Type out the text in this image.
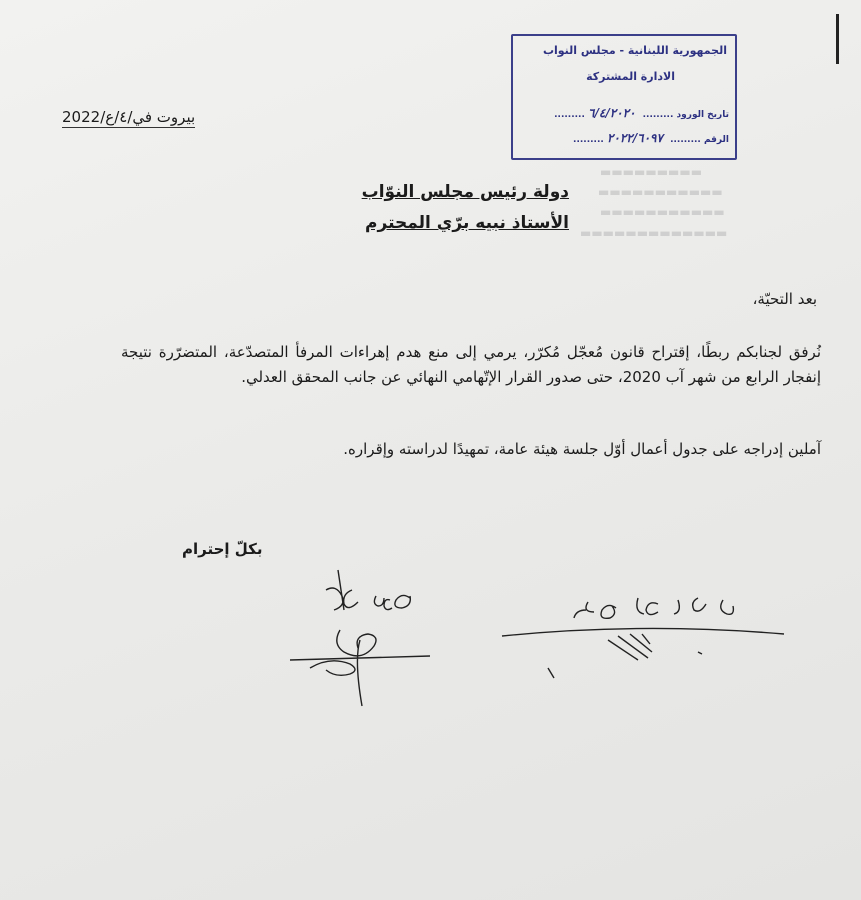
▬▬▬▬▬▬▬▬▬
▬▬▬▬▬▬▬▬▬▬▬
▬▬▬▬▬▬▬▬▬▬▬
▬▬▬▬▬▬▬▬▬▬▬▬▬
الجمهورية اللبنانية - مجلس النواب
الادارة المشتركة
تاريخ الورود ......... ٦/٤/٢٠٢٠ .........
الرقم ......... ٢٠٢٢/٦٠٩٧ .........
بيروت في/٤/ع/2022
دولة رئيس مجلس النوّاب
الأستاذ نبيه برّي المحترم
بعد التحيّة،
نُرفق لجنابكم ربطًا، إقتراح قانون مُعجّل مُكرّر، يرمي إلى منع هدم إهراءات المرفأ المتصدّعة، المتضرّرة نتيجة إنفجار الرابع من شهر آب 2020، حتى صدور القرار الإتّهامي النهائي عن جانب المحقق العدلي.
آملين إدراجه على جدول أعمال أوّل جلسة هيئة عامة، تمهيدًا لدراسته وإقراره.
بكلّ إحترام
